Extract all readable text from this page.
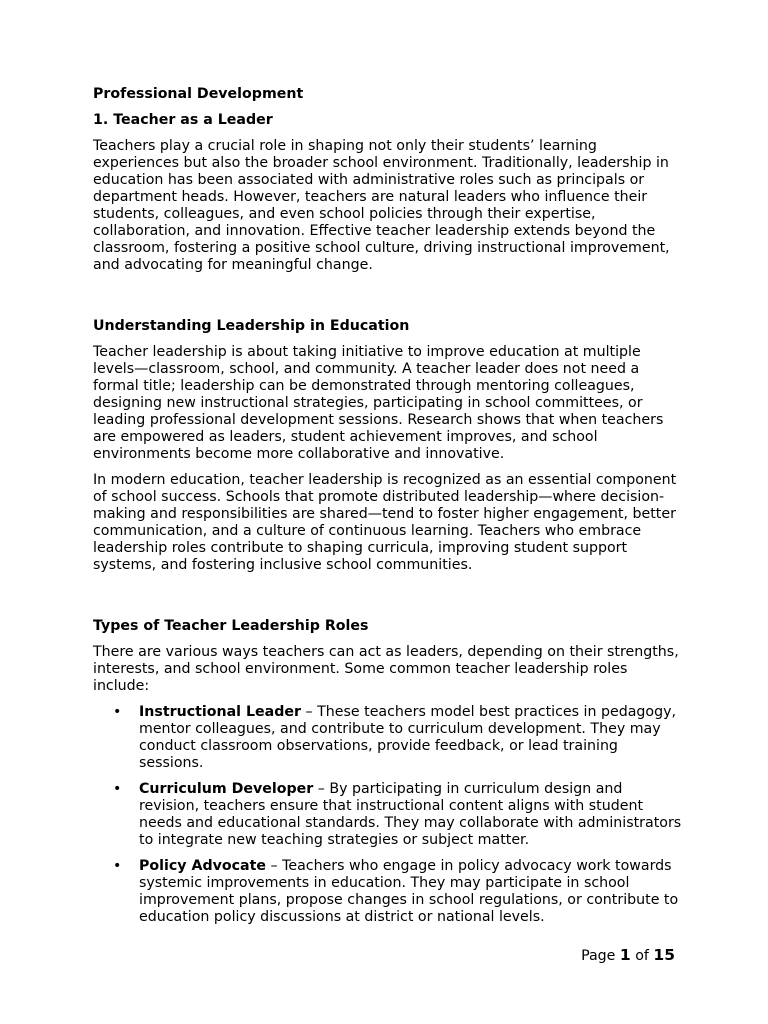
Professional Development

1. Teacher as a Leader

Teachers play a crucial role in shaping not only their students’ learning experiences but also the broader school environment. Traditionally, leadership in education has been associated with administrative roles such as principals or department heads. However, teachers are natural leaders who influence their students, colleagues, and even school policies through their expertise, collaboration, and innovation. Effective teacher leadership extends beyond the classroom, fostering a positive school culture, driving instructional improvement, and advocating for meaningful change.

Understanding Leadership in Education

Teacher leadership is about taking initiative to improve education at multiple levels—classroom, school, and community. A teacher leader does not need a formal title; leadership can be demonstrated through mentoring colleagues, designing new instructional strategies, participating in school committees, or leading professional development sessions. Research shows that when teachers are empowered as leaders, student achievement improves, and school environments become more collaborative and innovative.

In modern education, teacher leadership is recognized as an essential component of school success. Schools that promote distributed leadership—where decision-making and responsibilities are shared—tend to foster higher engagement, better communication, and a culture of continuous learning. Teachers who embrace leadership roles contribute to shaping curricula, improving student support systems, and fostering inclusive school communities.

Types of Teacher Leadership Roles

There are various ways teachers can act as leaders, depending on their strengths, interests, and school environment. Some common teacher leadership roles include:

• Instructional Leader – These teachers model best practices in pedagogy, mentor colleagues, and contribute to curriculum development. They may conduct classroom observations, provide feedback, or lead training sessions.
• Curriculum Developer – By participating in curriculum design and revision, teachers ensure that instructional content aligns with student needs and educational standards. They may collaborate with administrators to integrate new teaching strategies or subject matter.
• Policy Advocate – Teachers who engage in policy advocacy work towards systemic improvements in education. They may participate in school improvement plans, propose changes in school regulations, or contribute to education policy discussions at district or national levels.
Page 1 of 15
